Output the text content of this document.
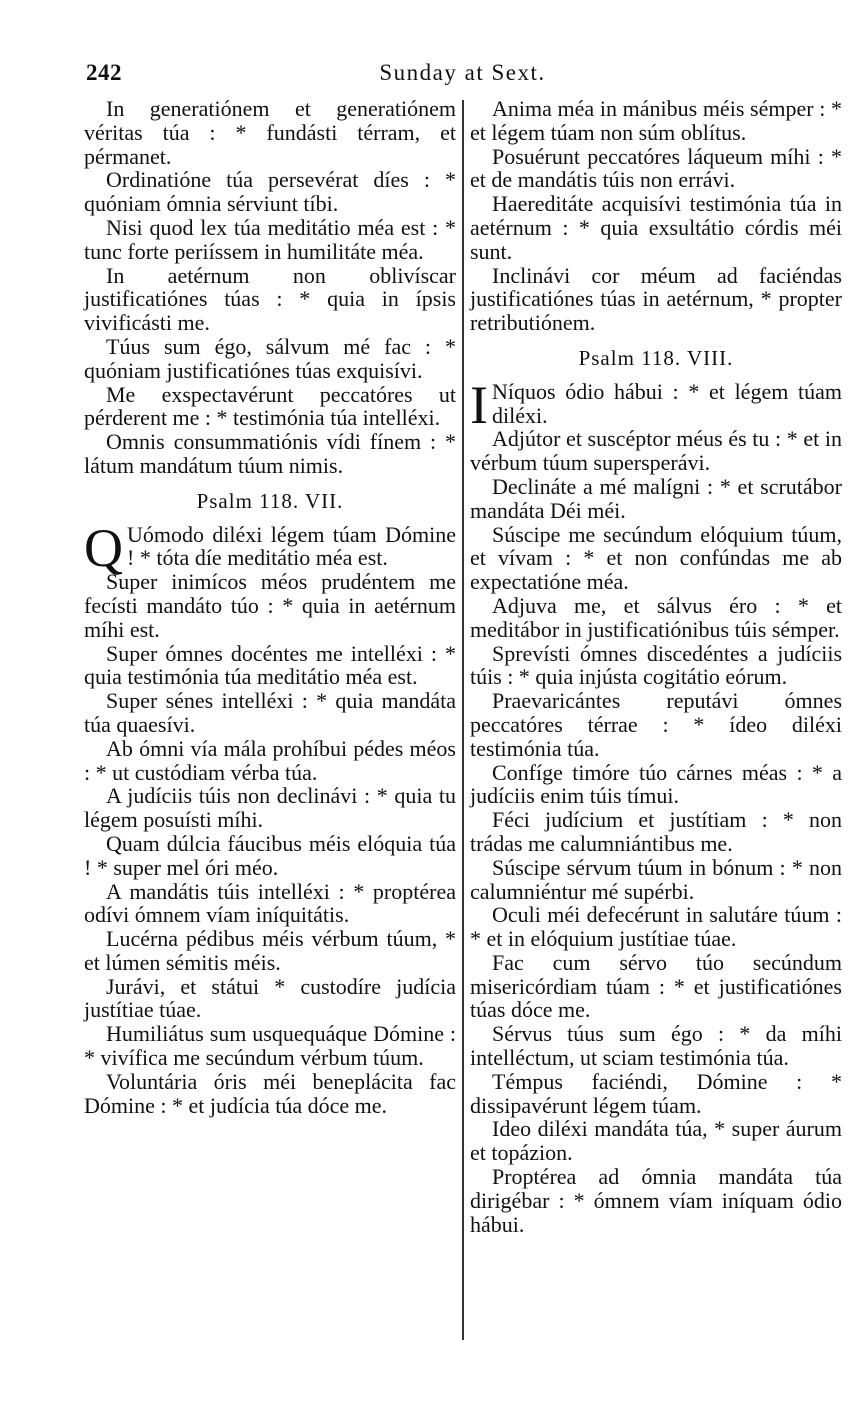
242	Sunday at Sext.

In generatiónem et generatiónem véritas túa : * fundásti térram, et pérmanet.

Ordinatióne túa persevérat díes : * quóniam ómnia sérviunt tíbi.

Nisi quod lex túa meditátio méa est : * tunc forte periíssem in humilitáte méa.

In aetérnum non oblivíscar justificatiónes túas : * quia in ípsis vivificásti me.

Túus sum égo, sálvum mé fac : * quóniam justificatiónes túas exquisívi.

Me exspectavérunt peccatóres ut pérderent me : * testimónia túa intelléxi.

Omnis consummatiónis vídi fínem : * látum mandátum túum nimis.

Psalm 118. VII.

Q Uómodo diléxi légem túam Dómine ! * tóta díe meditátio méa est.

Super inimícos méos prudéntem me fecísti mandáto túo : * quia in aetérnum míhi est.

Super ómnes docéntes me intelléxi : * quia testimónia túa meditátio méa est.

Super sénes intelléxi : * quia mandáta túa quaesívi.

Ab ómni vía mála prohíbui pédes méos : * ut custódiam vérba túa.

A judíciis túis non declinávi : * quia tu légem posuísti míhi.

Quam dúlcia fáucibus méis elóquia túa ! * super mel óri méo.

A mandátis túis intelléxi : * proptérea odívi ómnem víam iníquitátis.

Lucérna pédibus méis vérbum túum, * et lúmen sémitis méis.

Jurávi, et státui * custodíre judícia justítiae túae.

Humiliátus sum usquequáque Dómine : * vivífica me secúndum vérbum túum.

Voluntária óris méi beneplácita fac Dómine : * et judícia túa dóce me.

Anima méa in mánibus méis sémper : * et légem túam non súm oblítus.

Posuérunt peccatóres láqueum míhi : * et de mandátis túis non errávi.

Haereditáte acquisívi testimónia túa in aetérnum : * quia exsultátio córdis méi sunt.

Inclinávi cor méum ad faciéndas justificatiónes túas in aetérnum, * propter retributiónem.

Psalm 118. VIII.

I Níquos ódio hábui : * et légem túam diléxi.

Adjútor et suscéptor méus és tu : * et in vérbum túum supersperávi.

Declináte a mé malígni : * et scrutábor mandáta Déi méi.

Súscipe me secúndum elóquium túum, et vívam : * et non confúndas me ab expectatióne méa.

Adjuva me, et sálvus éro : * et meditábor in justificatiónibus túis sémper.

Sprevísti ómnes discedéntes a judíciis túis : * quia injústa cogitátio eórum.

Praevaricántes reputávi ómnes peccatóres térrae : * ídeo diléxi testimónia túa.

Confíge timóre túo cárnes méas : * a judíciis enim túis tímui.

Féci judícium et justítiam : * non trádas me calumniántibus me.

Súscipe sérvum túum in bónum : * non calumniéntur mé supérbi.

Oculi méi defecérunt in salutáre túum : * et in elóquium justítiae túae.

Fac cum sérvo túo secúndum misericórdiam túam : * et justificatiónes túas dóce me.

Sérvus túus sum égo : * da míhi intelléctum, ut sciam testimónia túa.

Témpus faciéndi, Dómine : * dissipavérunt légem túam.

Ideo diléxi mandáta túa, * super áurum et topázion.

Proptérea ad ómnia mandáta túa dirigébar : * ómnem víam iníquam ódio hábui.
